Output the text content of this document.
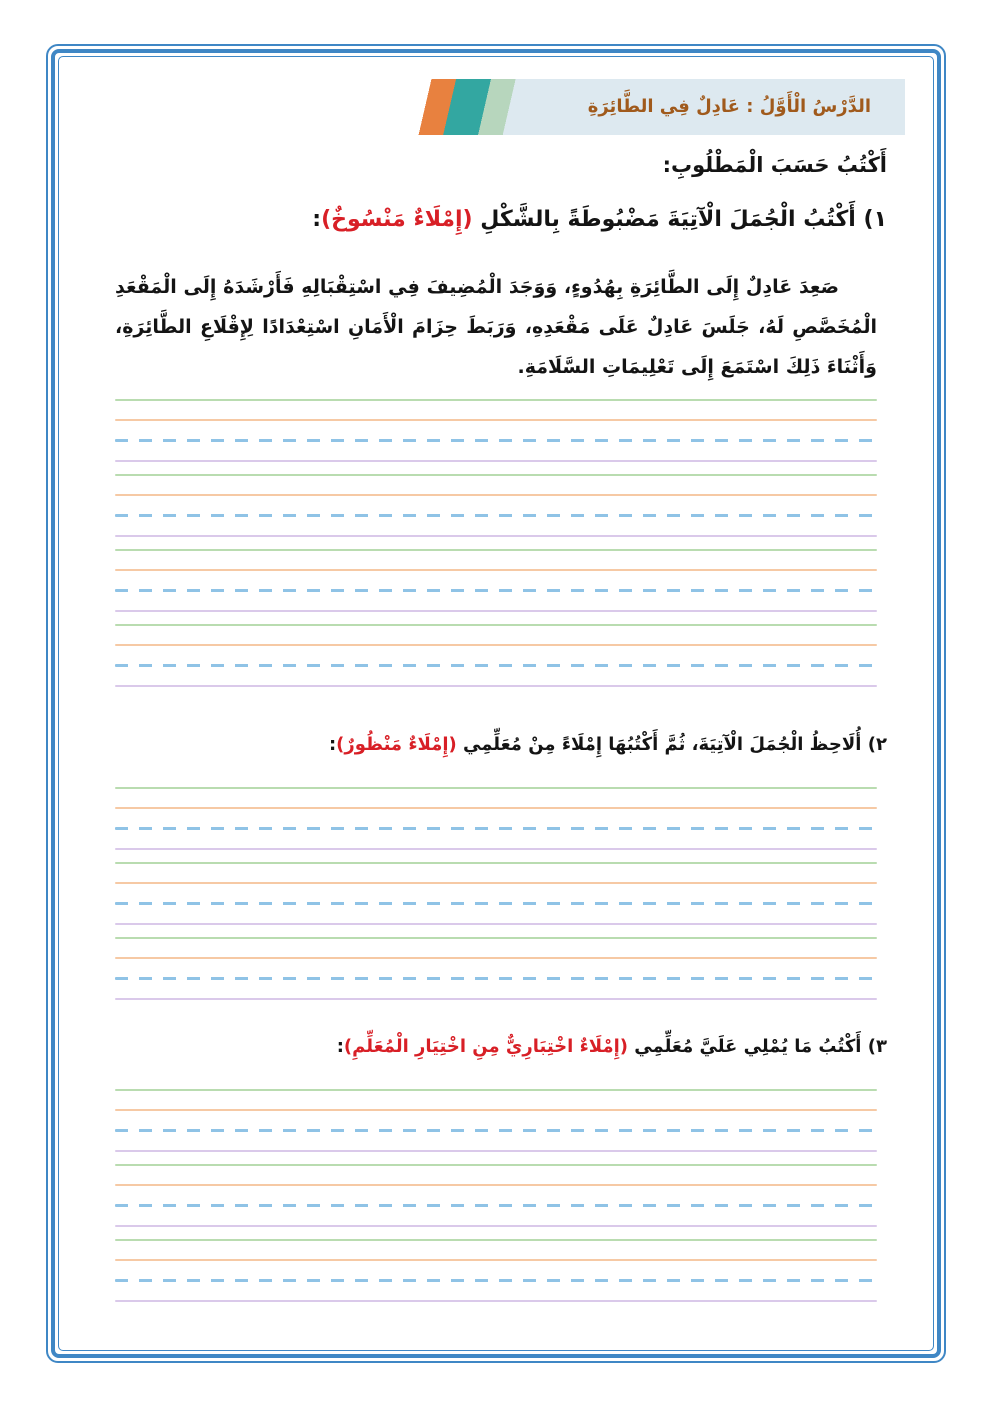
الدَّرْسُ الْأَوَّلُ : عَادِلٌ فِي الطَّائِرَةِ
أَكْتُبُ حَسَبَ الْمَطْلُوبِ:
١) أَكْتُبُ الْجُمَلَ الْآتِيَةَ مَضْبُوطَةً بِالشَّكْلِ (إِمْلَاءٌ مَنْسُوخٌ):
صَعِدَ عَادِلٌ إِلَى الطَّائِرَةِ بِهُدُوءٍ، وَوَجَدَ الْمُضِيفَ فِي اسْتِقْبَالِهِ فَأَرْشَدَهُ إِلَى الْمَقْعَدِ
الْمُخَصَّصِ لَهُ، جَلَسَ عَادِلٌ عَلَى مَقْعَدِهِ، وَرَبَطَ حِزَامَ الْأَمَانِ اسْتِعْدَادًا لِإِقْلَاعِ الطَّائِرَةِ،
وَأَثْنَاءَ ذَلِكَ اسْتَمَعَ إِلَى تَعْلِيمَاتِ السَّلَامَةِ.
٢) أُلَاحِظُ الْجُمَلَ الْآتِيَةَ، ثُمَّ أَكْتُبُهَا إِمْلَاءً مِنْ مُعَلِّمِي (إِمْلَاءٌ مَنْظُورٌ):
٣) أَكْتُبُ مَا يُمْلِي عَلَيَّ مُعَلِّمِي (إِمْلَاءٌ اخْتِبَارِيٌّ مِنِ اخْتِيَارِ الْمُعَلِّمِ):
